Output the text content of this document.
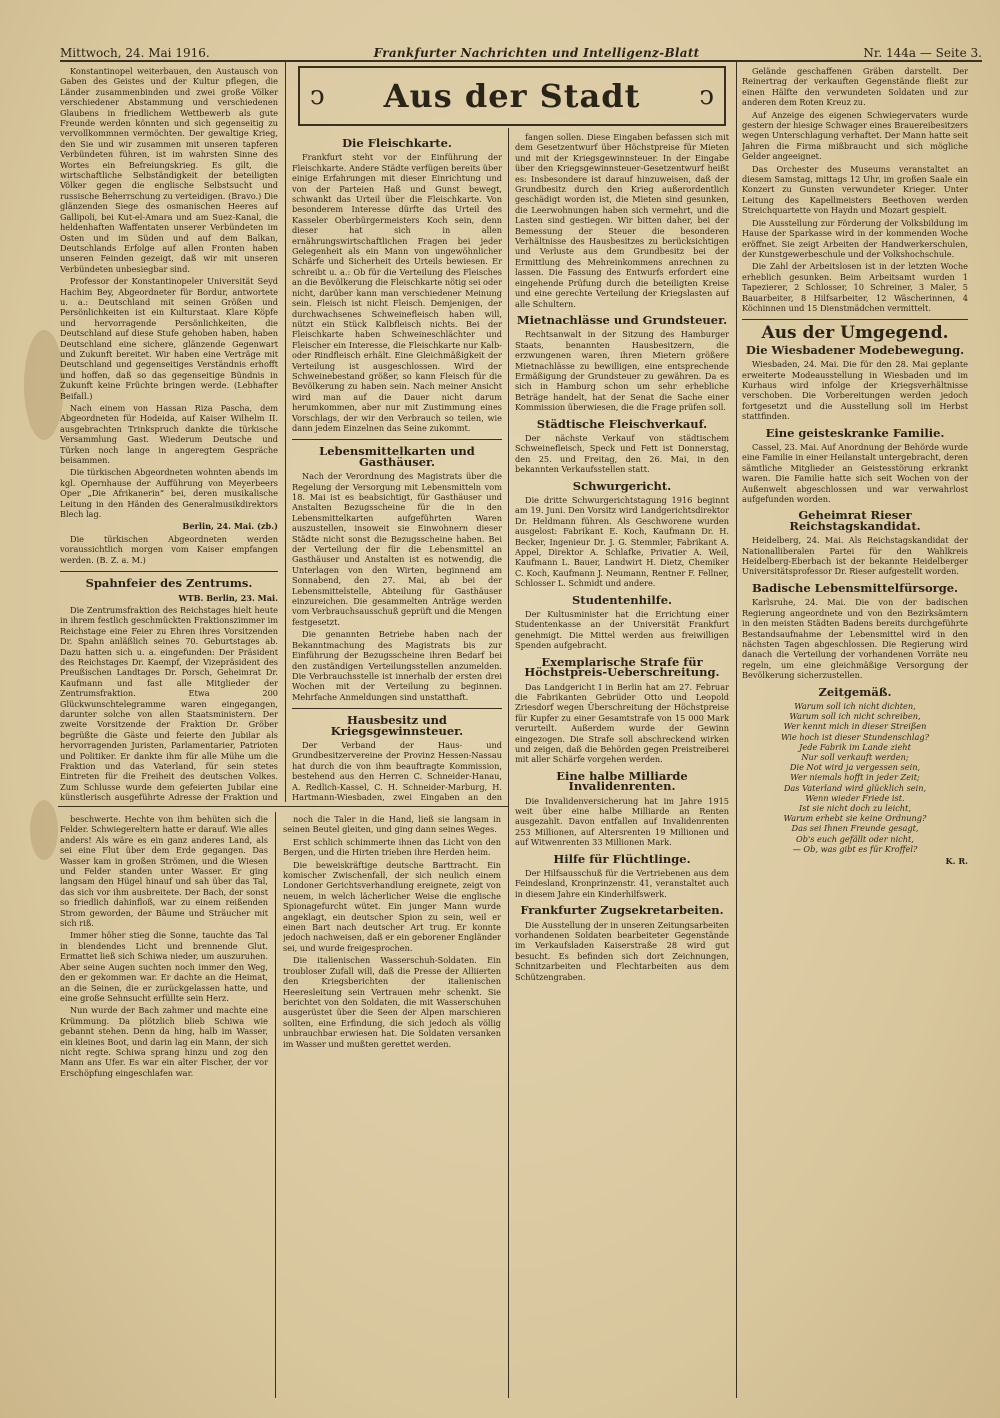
Mittwoch, 24. Mai 1916.	Frankfurter Nachrichten und Intelligenz-Blatt	Nr. 144a — Seite 3.
ↄ Aus der Stadt ↄ

Konstantinopel weiterbauen, den Austausch von Gaben des Geistes und der Kultur pflegen, die Länder zusammenbinden und zwei große Völker verschiedener Abstammung und verschiedenen Glaubens in friedlichem Wettbewerb als gute Freunde werden könnten und sich gegenseitig zu vervollkommnen vermöchten. Der gewaltige Krieg, den Sie und wir zusammen mit unseren tapferen Verbündeten führen, ist im wahrsten Sinne des Wortes ein Befreiungskrieg. Es gilt, die wirtschaftliche Selbständigkeit der beteiligten Völker gegen die englische Selbstsucht und russische Beherrschung zu verteidigen. (Bravo.) Die glänzenden Siege des osmanischen Heeres auf Gallipoli, bei Kut-el-Amara und am Suez-Kanal, die heldenhaften Waffentaten unserer Verbündeten im Osten und im Süden und auf dem Balkan, Deutschlands Erfolge auf allen Fronten haben unseren Feinden gezeigt, daß wir mit unseren Verbündeten unbesiegbar sind.

Professor der Konstantinopeler Universität Seyd Hachim Bey, Abgeordneter für Bordur, antwortete u. a.: Deutschland mit seinen Größen und Persönlichkeiten ist ein Kulturstaat. Klare Köpfe und hervorragende Persönlichkeiten, die Deutschland auf diese Stufe gehoben haben, haben Deutschland eine sichere, glänzende Gegenwart und Zukunft bereitet. Wir haben eine Verträge mit Deutschland und gegenseitiges Verständnis erhofft und hoffen, daß so das gegenseitige Bündnis in Zukunft keine Früchte bringen werde. (Lebhafter Beifall.)

Nach einem von Hassan Riza Pascha, dem Abgeordneten für Hodeida, auf Kaiser Wilhelm II. ausgebrachten Trinkspruch dankte die türkische Versammlung Gast. Wiederum Deutsche und Türken noch lange in angeregtem Gespräche beisammen.

Die türkischen Abgeordneten wohnten abends im kgl. Opernhause der Aufführung von Meyerbeers Oper „Die Afrikanerin“ bei, deren musikalische Leitung in den Händen des Generalmusikdirektors Blech lag.

Berlin, 24. Mai. (zb.)

Die türkischen Abgeordneten werden voraussichtlich morgen vom Kaiser empfangen werden. (B. Z. a. M.)

Spahnfeier des Zentrums.
WTB. Berlin, 23. Mai.

Die Zentrumsfraktion des Reichstages hielt heute in ihrem festlich geschmückten Fraktionszimmer im Reichstage eine Feier zu Ehren ihres Vorsitzenden Dr. Spahn anläßlich seines 70. Geburtstages ab. Dazu hatten sich u. a. eingefunden: Der Präsident des Reichstages Dr. Kaempf, der Vizepräsident des Preußischen Landtages Dr. Porsch, Geheimrat Dr. Kaufmann und fast alle Mitglieder der Zentrumsfraktion. Etwa 200 Glückwunschtelegramme waren eingegangen, darunter solche von allen Staatsministern. Der zweite Vorsitzende der Fraktion Dr. Gröber begrüßte die Gäste und feierte den Jubilar als hervorragenden Juristen, Parlamentarier, Patrioten und Politiker. Er dankte ihm für alle Mühe um die Fraktion und das Vaterland, für sein stetes Eintreten für die Freiheit des deutschen Volkes. Zum Schlusse wurde dem gefeierten Jubilar eine künstlerisch ausgeführte Adresse der Fraktion und

Die Fleischkarte.

Frankfurt steht vor der Einführung der Fleischkarte. Andere Städte verfügen bereits über einige Erfahrungen mit dieser Einrichtung und von der Parteien Haß und Gunst bewegt, schwankt das Urteil über die Fleischkarte. Von besonderem Interesse dürfte das Urteil des Kasseler Oberbürgermeisters Koch sein, denn dieser hat sich in allen ernährungswirtschaftlichen Fragen bei jeder Gelegenheit als ein Mann von ungewöhnlicher Schärfe und Sicherheit des Urteils bewiesen. Er schreibt u. a.: Ob für die Verteilung des Fleisches an die Bevölkerung die Fleischkarte nötig sei oder nicht, darüber kann man verschiedener Meinung sein. Fleisch ist nicht Fleisch. Demjenigen, der durchwachsenes Schweinefleisch haben will, nützt ein Stück Kalbfleisch nichts. Bei der Fleischkarte haben Schweineschlächter und Fleischer ein Interesse, die Fleischkarte nur Kalb- oder Rindfleisch erhält. Eine Gleichmäßigkeit der Verteilung ist ausgeschlossen. Wird der Schweinebestand größer, so kann Fleisch für die Bevölkerung zu haben sein. Nach meiner Ansicht wird man auf die Dauer nicht darum herumkommen, aber nur mit Zustimmung eines Vorschlags, der wir den Verbrauch so teilen, wie dann jedem Einzelnen das Seine zukommt.

Lebensmittelkarten und Gasthäuser.

Nach der Verordnung des Magistrats über die Regelung der Versorgung mit Lebensmitteln vom 18. Mai ist es beabsichtigt, für Gasthäuser und Anstalten Bezugsscheine für die in den Lebensmittelkarten aufgeführten Waren auszustellen, insoweit sie Einwohnern dieser Städte nicht sonst die Bezugsscheine haben. Bei der Verteilung der für die Lebensmittel an Gasthäuser und Anstalten ist es notwendig, die Unterlagen von den Wirten, beginnend am Sonnabend, den 27. Mai, ab bei der Lebensmittelstelle, Abteilung für Gasthäuser einzureichen. Die gesammelten Anträge werden vom Verbrauchsausschuß geprüft und die Mengen festgesetzt.

Die genannten Betriebe haben nach der Bekanntmachung des Magistrats bis zur Einführung der Bezugsscheine ihren Bedarf bei den zuständigen Verteilungsstellen anzumelden. Die Verbrauchsstelle ist innerhalb der ersten drei Wochen mit der Verteilung zu beginnen. Mehrfache Anmeldungen sind unstatthaft.

Hausbesitz und Kriegsgewinnsteuer.

Der Verband der Haus- und Grundbesitzervereine der Provinz Hessen-Nassau hat durch die von ihm beauftragte Kommission, bestehend aus den Herren C. Schneider-Hanau, A. Redlich-Kassel, C. H. Schneider-Marburg, H. Hartmann-Wiesbaden, zwei Eingaben an den

fangen sollen. Diese Eingaben befassen sich mit dem Gesetzentwurf über Höchstpreise für Mieten und mit der Kriegsgewinnsteuer. In der Eingabe über den Kriegsgewinnsteuer-Gesetzentwurf heißt es: Insbesondere ist darauf hinzuweisen, daß der Grundbesitz durch den Krieg außerordentlich geschädigt worden ist, die Mieten sind gesunken, die Leerwohnungen haben sich vermehrt, und die Lasten sind gestiegen. Wir bitten daher, bei der Bemessung der Steuer die besonderen Verhältnisse des Hausbesitzes zu berücksichtigen und Verluste aus dem Grundbesitz bei der Ermittlung des Mehreinkommens anrechnen zu lassen. Die Fassung des Entwurfs erfordert eine eingehende Prüfung durch die beteiligten Kreise und eine gerechte Verteilung der Kriegslasten auf alle Schultern.

Mietnachlässe und Grundsteuer.

Rechtsanwalt in der Sitzung des Hamburger Staats, benannten Hausbesitzern, die erzwungenen waren, ihren Mietern größere Mietnachlässe zu bewilligen, eine entsprechende Ermäßigung der Grundsteuer zu gewähren. Da es sich in Hamburg schon um sehr erhebliche Beträge handelt, hat der Senat die Sache einer Kommission überwiesen, die die Frage prüfen soll.

Städtische Fleischverkauf.

Der nächste Verkauf von städtischem Schweinefleisch, Speck und Fett ist Donnerstag, den 25. und Freitag, den 26. Mai, in den bekannten Verkaufsstellen statt.

Schwurgericht.

Die dritte Schwurgerichtstagung 1916 beginnt am 19. Juni. Den Vorsitz wird Landgerichtsdirektor Dr. Heldmann führen. Als Geschworene wurden ausgelost: Fabrikant E. Koch, Kaufmann Dr. H. Becker, Ingenieur Dr. J. G. Stemmler, Fabrikant A. Appel, Direktor A. Schlafke, Privatier A. Weil, Kaufmann L. Bauer, Landwirt H. Dietz, Chemiker C. Koch, Kaufmann J. Neumann, Rentner F. Fellner, Schlosser L. Schmidt und andere.

Studentenhilfe.

Der Kultusminister hat die Errichtung einer Studentenkasse an der Universität Frankfurt genehmigt. Die Mittel werden aus freiwilligen Spenden aufgebracht.

Exemplarische Strafe für Höchstpreis-Ueberschreitung.

Das Landgericht I in Berlin hat am 27. Februar die Fabrikanten Gebrüder Otto und Leopold Zriesdorf wegen Überschreitung der Höchstpreise für Kupfer zu einer Gesamtstrafe von 15 000 Mark verurteilt. Außerdem wurde der Gewinn eingezogen. Die Strafe soll abschreckend wirken und zeigen, daß die Behörden gegen Preistreiberei mit aller Schärfe vorgehen werden.

Eine halbe Milliarde Invalidenrenten.

Die Invalidenversicherung hat im Jahre 1915 weit über eine halbe Milliarde an Renten ausgezahlt. Davon entfallen auf Invalidenrenten 253 Millionen, auf Altersrenten 19 Millionen und auf Witwenrenten 33 Millionen Mark.

Hilfe für Flüchtlinge.

Der Hilfsausschuß für die Vertriebenen aus dem Feindesland, Kronprinzenstr. 41, veranstaltet auch in diesem Jahre ein Kinderhilfswerk.

Frankfurter Zugsekretarbeiten.

Die Ausstellung der in unseren Zeitungsarbeiten vorhandenen Soldaten bearbeiteter Gegenstände im Verkaufsladen Kaiserstraße 28 wird gut besucht. Es befinden sich dort Zeichnungen, Schnitzarbeiten und Flechtarbeiten aus dem Schützengraben.

Gelände geschaffenen Gräben darstellt. Der Reinertrag der verkauften Gegenstände fließt zur einen Hälfte den verwundeten Soldaten und zur anderen dem Roten Kreuz zu.

Auf Anzeige des eigenen Schwiegervaters wurde gestern der hiesige Schwager eines Brauereibesitzers wegen Unterschlagung verhaftet. Der Mann hatte seit Jahren die Firma mißbraucht und sich mögliche Gelder angeeignet.

Das Orchester des Museums veranstaltet an diesem Samstag, mittags 12 Uhr, im großen Saale ein Konzert zu Gunsten verwundeter Krieger. Unter Leitung des Kapellmeisters Beethoven werden Streichquartette von Haydn und Mozart gespielt.

Die Ausstellung zur Förderung der Volksbildung im Hause der Sparkasse wird in der kommenden Woche eröffnet. Sie zeigt Arbeiten der Handwerkerschulen, der Kunstgewerbeschule und der Volkshochschule.

Die Zahl der Arbeitslosen ist in der letzten Woche erheblich gesunken. Beim Arbeitsamt wurden 1 Tapezierer, 2 Schlosser, 10 Schreiner, 3 Maler, 5 Bauarbeiter, 8 Hilfsarbeiter, 12 Wäscherinnen, 4 Köchinnen und 15 Dienstmädchen vermittelt.

Aus der Umgegend.
Die Wiesbadener Modebewegung.

Wiesbaden, 24. Mai. Die für den 28. Mai geplante erweiterte Modeausstellung in Wiesbaden und im Kurhaus wird infolge der Kriegsverhältnisse verschoben. Die Vorbereitungen werden jedoch fortgesetzt und die Ausstellung soll im Herbst stattfinden.

Eine geisteskranke Familie.

Cassel, 23. Mai. Auf Anordnung der Behörde wurde eine Familie in einer Heilanstalt untergebracht, deren sämtliche Mitglieder an Geistesstörung erkrankt waren. Die Familie hatte sich seit Wochen von der Außenwelt abgeschlossen und war verwahrlost aufgefunden worden.

Geheimrat Rieser Reichstagskandidat.

Heidelberg, 24. Mai. Als Reichstagskandidat der Nationalliberalen Partei für den Wahlkreis Heidelberg-Eberbach ist der bekannte Heidelberger Universitätsprofessor Dr. Rieser aufgestellt worden.

Badische Lebensmittelfürsorge.

Karlsruhe, 24. Mai. Die von der badischen Regierung angeordnete und von den Bezirksämtern in den meisten Städten Badens bereits durchgeführte Bestandsaufnahme der Lebensmittel wird in den nächsten Tagen abgeschlossen. Die Regierung wird danach die Verteilung der vorhandenen Vorräte neu regeln, um eine gleichmäßige Versorgung der Bevölkerung sicherzustellen.

Zeitgemäß.
Warum soll ich nicht dichten,
Warum soll ich nicht schreiben,
Wer kennt mich in dieser Streißen
Wie hoch ist dieser Stundenschlag?
Jede Fabrik im Lande zieht
Nur soll verkauft werden;
Die Not wird ja vergessen sein,
Wer niemals hofft in jeder Zeit;
Das Vaterland wird glücklich sein,
Wenn wieder Friede ist.
Ist sie nicht doch zu leicht,
Warum erhebt sie keine Ordnung?
Das sei Ihnen Freunde gesagt,
Ob's euch gefällt oder nicht,
— Ob, was gibt es für Kroffel?
K. R.

beschwerte. Hechte von ihm behüten sich die Felder. Schwiegereltern hatte er darauf. Wie alles anders! Als wäre es ein ganz anderes Land, als sei eine Flut über dem Erde gegangen. Das Wasser kam in großen Strömen, und die Wiesen und Felder standen unter Wasser. Er ging langsam den Hügel hinauf und sah über das Tal, das sich vor ihm ausbreitete. Der Bach, der sonst so friedlich dahinfloß, war zu einem reißenden Strom geworden, der Bäume und Sträucher mit sich riß.

Immer höher stieg die Sonne, tauchte das Tal in blendendes Licht und brennende Glut. Ermattet ließ sich Schiwa nieder, um auszuruhen. Aber seine Augen suchten noch immer den Weg, den er gekommen war. Er dachte an die Heimat, an die Seinen, die er zurückgelassen hatte, und eine große Sehnsucht erfüllte sein Herz.

Nun wurde der Bach zahmer und machte eine Krümmung. Da plötzlich blieb Schiwa wie gebannt stehen. Denn da hing, halb im Wasser, ein kleines Boot, und darin lag ein Mann, der sich nicht regte. Schiwa sprang hinzu und zog den Mann ans Ufer. Es war ein alter Fischer, der vor Erschöpfung eingeschlafen war.

noch die Taler in die Hand, ließ sie langsam in seinen Beutel gleiten, und ging dann seines Weges.

Erst schlich schimmerte ihnen das Licht von den Bergen, und die Hirten trieben ihre Herden heim.

Die beweiskräftige deutsche Barttracht. Ein komischer Zwischenfall, der sich neulich einem Londoner Gerichtsverhandlung ereignete, zeigt von neuem, in welch lächerlicher Weise die englische Spionagefurcht wütet. Ein junger Mann wurde angeklagt, ein deutscher Spion zu sein, weil er einen Bart nach deutscher Art trug. Er konnte jedoch nachweisen, daß er ein geborener Engländer sei, und wurde freigesprochen.

Die italienischen Wasserschuh-Soldaten. Ein troubloser Zufall will, daß die Presse der Alliierten den Kriegsberichten der italienischen Heeresleitung sein Vertrauen mehr schenkt. Sie berichtet von den Soldaten, die mit Wasserschuhen ausgerüstet über die Seen der Alpen marschieren sollten, eine Erfindung, die sich jedoch als völlig unbrauchbar erwiesen hat. Die Soldaten versanken im Wasser und mußten gerettet werden.
